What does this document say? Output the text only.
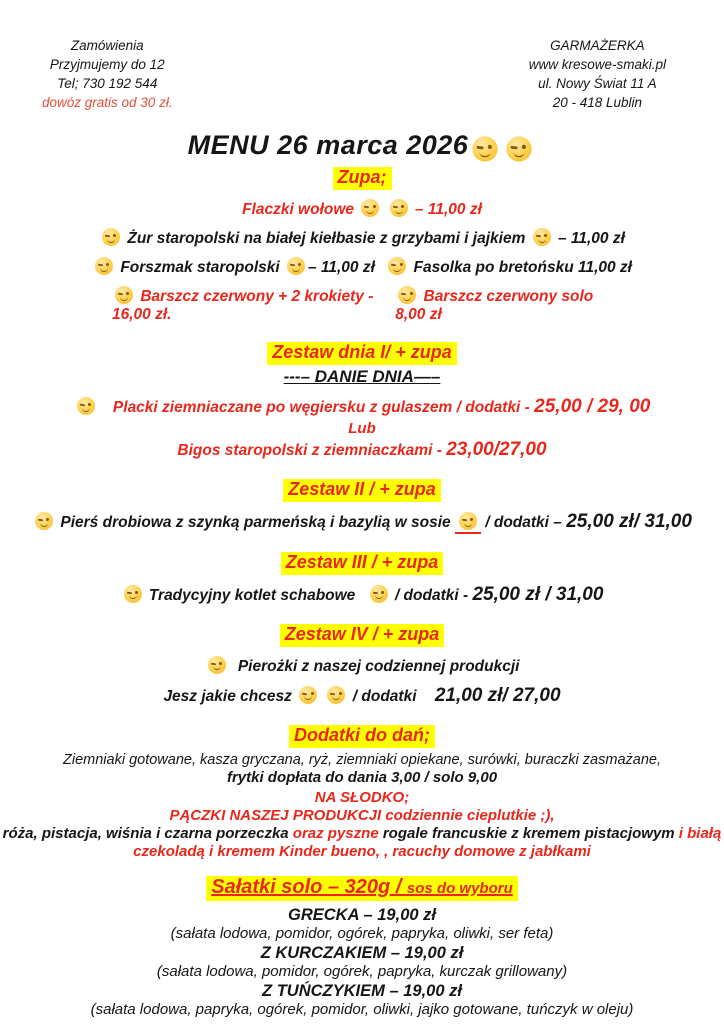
Zamówienia
Przyjmujemy do 12
Tel; 730 192 544
dowóz gratis od 30 zł.
GARMAŻERKA
www kresowe-smaki.pl
ul. Nowy Świat 11 A
20 - 418 Lublin
MENU 26 marca 2026
Zupa;
Flaczki wołowe
	– 11,00 zł
Żur staropolski na białej kiełbasie z grzybami i jajkiem – 11,00 zł
Forszmak staropolski – 11,00 zł	Fasolka po bretońsku 11,00 zł
Barszcz czerwony + 2 krokiety - 16,00 zł.
Barszcz czerwony solo 8,00 zł
Zestaw dnia I/ + zupa
---– DANIE DNIA—–
Placki ziemniaczane po węgiersku z gulaszem / dodatki - 25,00 / 29, 00
Lub
Bigos staropolski z ziemniaczkami - 23,00/27,00
Zestaw II / + zupa
Pierś drobiowa z szynką parmeńską i bazylią w sosie / dodatki – 25,00 zł/ 31,00
Zestaw III / + zupa
Tradycyjny kotlet schabowe	/ dodatki - 25,00 zł / 31,00
Zestaw IV / + zupa
Pierożki z naszej codziennej produkcji
Jesz jakie chcesz
	/ dodatki 21,00 zł/ 27,00
Dodatki do dań;
Ziemniaki gotowane, kasza gryczana, ryż, ziemniaki opiekane, surówki, buraczki zasmażane,
frytki dopłata do dania 3,00 / solo 9,00
NA SŁODKO;
PĄCZKI NASZEJ PRODUKCJI codziennie cieplutkie ;),
róża, pistacja, wiśnia i czarna porzeczka oraz pyszne rogale francuskie z kremem pistacjowym i białą
czekoladą i kremem Kinder bueno, , racuchy domowe z jabłkami
Sałatki solo – 320g / sos do wyboru
GRECKA – 19,00 zł
(sałata lodowa, pomidor, ogórek, papryka, oliwki, ser feta)
Z KURCZAKIEM – 19,00 zł
(sałata lodowa, pomidor, ogórek, papryka, kurczak grillowany)
Z TUŃCZYKIEM – 19,00 zł
(sałata lodowa, papryka, ogórek, pomidor, oliwki, jajko gotowane, tuńczyk w oleju)
